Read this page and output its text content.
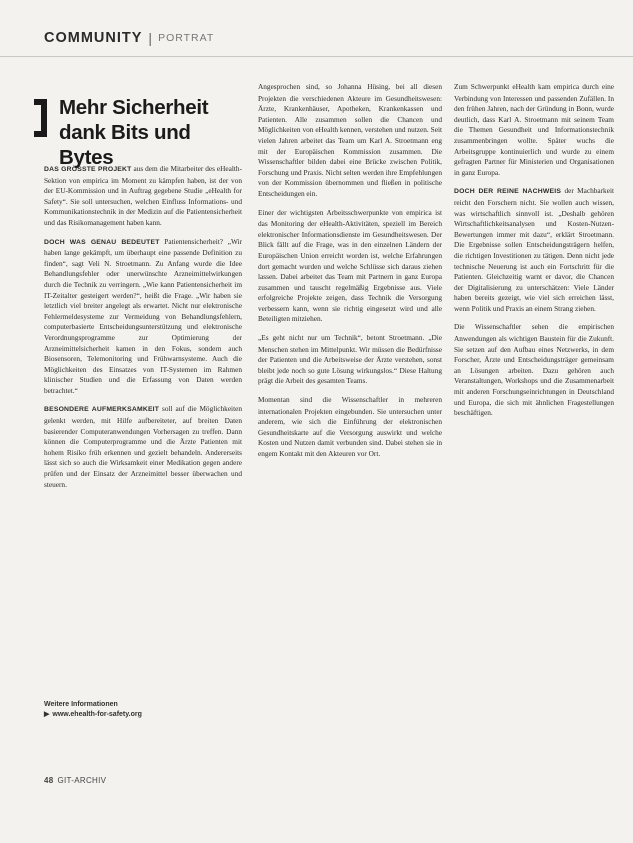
COMMUNITY | PORTRAT
Mehr Sicherheit dank Bits und Bytes

DAS GRÖSSTE PROJEKT aus dem die Mitarbeiter des eHealth-Sektion von empirica im Moment zu kämpfen haben, ist der von der EU-Kommission und in Auftrag gegebene Studie „eHealth for Safety“. Sie soll untersuchen, welchen Einfluss Informations- und Kommunikationstechnik in der Medizin auf die Patientensicherheit und das Risikomanagement haben kann.

DOCH WAS GENAU BEDEUTET Patientensicherheit? „Wir haben lange gekämpft, um überhaupt eine passende Definition zu finden“, sagt Veli N. Stroetmann. Zu Anfang wurde die Idee Behandlungsfehler oder unerwünschte Arzneimittelwirkungen durch die Technik zu verringern. „Wie kann Patientensicherheit im IT-Zeitalter gesteigert werden?“, heißt die Frage. „Wir haben sie letztlich viel breiter angelegt als erwartet. Nicht nur elektronische Fehlermeldesysteme zur Vermeidung von Behandlungsfehlern, computerbasierte Entscheidungsunterstützung und elektronische Verordnungsprogramme zur Optimierung der Arzneimittelsicherheit kamen in den Fokus, sondern auch Biosensoren, Telemonitoring und Frühwarnsysteme. Auch die Möglichkeiten des Einsatzes von IT-Systemen im Rahmen klinischer Studien und die Erfassung von Daten werden betrachtet.“

BESONDERE AUFMERKSAMKEIT soll auf die Möglichkeiten gelenkt werden, mit Hilfe aufbereiteter, auf breiten Daten basierender Computeranwendungen Vorhersagen zu treffen. Dann können die Computerprogramme und die Ärzte Patienten mit hohem Risiko früh erkennen und gezielt behandeln. Andererseits lässt sich so auch die Wirksamkeit einer Medikation gegen andere prüfen und der Einsatz der Arzneimittel besser überwachen und steuern.

Weitere Informationen
▶ www.ehealth-for-safety.org

Angesprochen sind, so Johanna Hüsing, bei all diesen Projekten die verschiedenen Akteure im Gesundheitswesen: Ärzte, Krankenhäuser, Apotheken, Krankenkassen und Patienten. Alle zusammen sollen die Chancen und Möglichkeiten von eHealth kennen, verstehen und nutzen. Seit vielen Jahren arbeitet das Team um Karl A. Stroetmann eng mit der Europäischen Kommission zusammen. Die Wissenschaftler bilden dabei eine Brücke zwischen Politik, Forschung und Praxis. Nicht selten werden ihre Empfehlungen von der Kommission übernommen und fließen in politische Entscheidungen ein.

Einer der wichtigsten Arbeitsschwerpunkte von empirica ist das Monitoring der eHealth-Aktivitäten, speziell im Bereich elektronischer Informationsdienste im Gesundheitswesen. Der Blick fällt auf die Frage, was in den einzelnen Ländern der Europäischen Union erreicht worden ist, welche Erfahrungen dort gemacht wurden und welche Schlüsse sich daraus ziehen lassen. Dabei arbeitet das Team mit Partnern in ganz Europa zusammen und tauscht regelmäßig Ergebnisse aus. Viele erfolgreiche Projekte zeigen, dass Technik die Versorgung verbessern kann, wenn sie richtig eingesetzt wird und alle Beteiligten mitziehen.

„Es geht nicht nur um Technik“, betont Stroetmann. „Die Menschen stehen im Mittelpunkt. Wir müssen die Bedürfnisse der Patienten und die Arbeitsweise der Ärzte verstehen, sonst bleibt jede noch so gute Lösung wirkungslos.“ Diese Haltung prägt die Arbeit des gesamten Teams.

Momentan sind die Wissenschaftler in mehreren internationalen Projekten eingebunden. Sie untersuchen unter anderem, wie sich die Einführung der elektronischen Gesundheitskarte auf die Versorgung auswirkt und welche Kosten und Nutzen damit verbunden sind. Dabei stehen sie in engem Kontakt mit den Akteuren vor Ort.

Zum Schwerpunkt eHealth kam empirica durch eine Verbindung von Interessen und passenden Zufällen. In den frühen Jahren, nach der Gründung in Bonn, wurde deutlich, dass Karl A. Stroetmann mit seinem Team die Themen Gesundheit und Informationstechnik zusammenbringen wollte. Später wuchs die Arbeitsgruppe kontinuierlich und wurde zu einem gefragten Partner für Ministerien und Organisationen in ganz Europa.

DOCH DER REINE NACHWEIS der Machbarkeit reicht den Forschern nicht. Sie wollen auch wissen, was wirtschaftlich sinnvoll ist. „Deshalb gehören Wirtschaftlichkeitsanalysen und Kosten-Nutzen-Bewertungen immer mit dazu“, erklärt Stroetmann. Die Ergebnisse sollen Entscheidungsträgern helfen, die richtigen Investitionen zu tätigen. Denn nicht jede technische Neuerung ist auch ein Fortschritt für die Patienten. Gleichzeitig warnt er davor, die Chancen der Digitalisierung zu unterschätzen: Viele Länder haben bereits gezeigt, wie viel sich erreichen lässt, wenn Politik und Praxis an einem Strang ziehen.

Die Wissenschaftler sehen die empirischen Anwendungen als wichtigen Baustein für die Zukunft. Sie setzen auf den Aufbau eines Netzwerks, in dem Forscher, Ärzte und Entscheidungsträger gemeinsam an Lösungen arbeiten. Dazu gehören auch Veranstaltungen, Workshops und die Zusammenarbeit mit anderen Forschungseinrichtungen in Deutschland und Europa, die sich mit ähnlichen Fragestellungen beschäftigen.

48 GIT-ARCHIV
